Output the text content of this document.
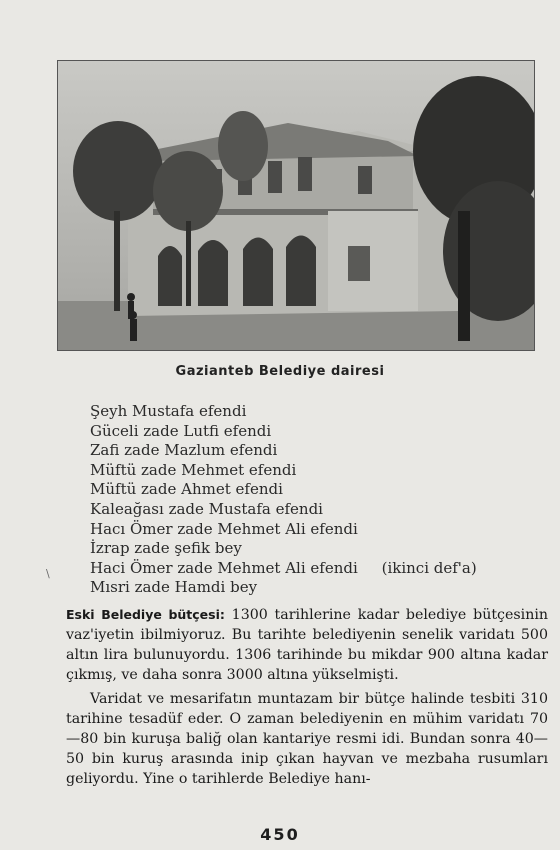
Gazianteb Belediye dairesi
Şeyh Mustafa efendi
Güceli zade Lutfi efendi
Zafi zade Mazlum efendi
Müftü zade Mehmet efendi
Müftü zade Ahmet efendi
Kaleağası zade Mustafa efendi
Hacı Ömer zade Mehmet Ali efendi
İzrap zade şefik bey
Haci Ömer zade Mehmet Ali efendi     (ikinci def'a)
Mısri zade Hamdi bey
\

Eski Belediye bütçesi: 1300 tarihlerine kadar belediye bütçesinin vaz'iyetin ibilmiyoruz. Bu tarihte belediyenin senelik varidatı 500 altın lira bulunuyordu. 1306 tarihinde bu mikdar 900 altına kadar çıkmış, ve daha sonra 3000 altına yükselmişti.

Varidat ve mesarifatın muntazam bir bütçe halinde tesbiti 310 tarihine tesadüf eder. O zaman belediyenin en mühim varidatı 70—80 bin kuruşa baliğ olan kantariye resmi idi. Bundan sonra 40—50 bin kuruş arasında inip çıkan hayvan ve mezbaha rusumları geliyordu. Yine o tarihlerde Belediye hanı-

450
